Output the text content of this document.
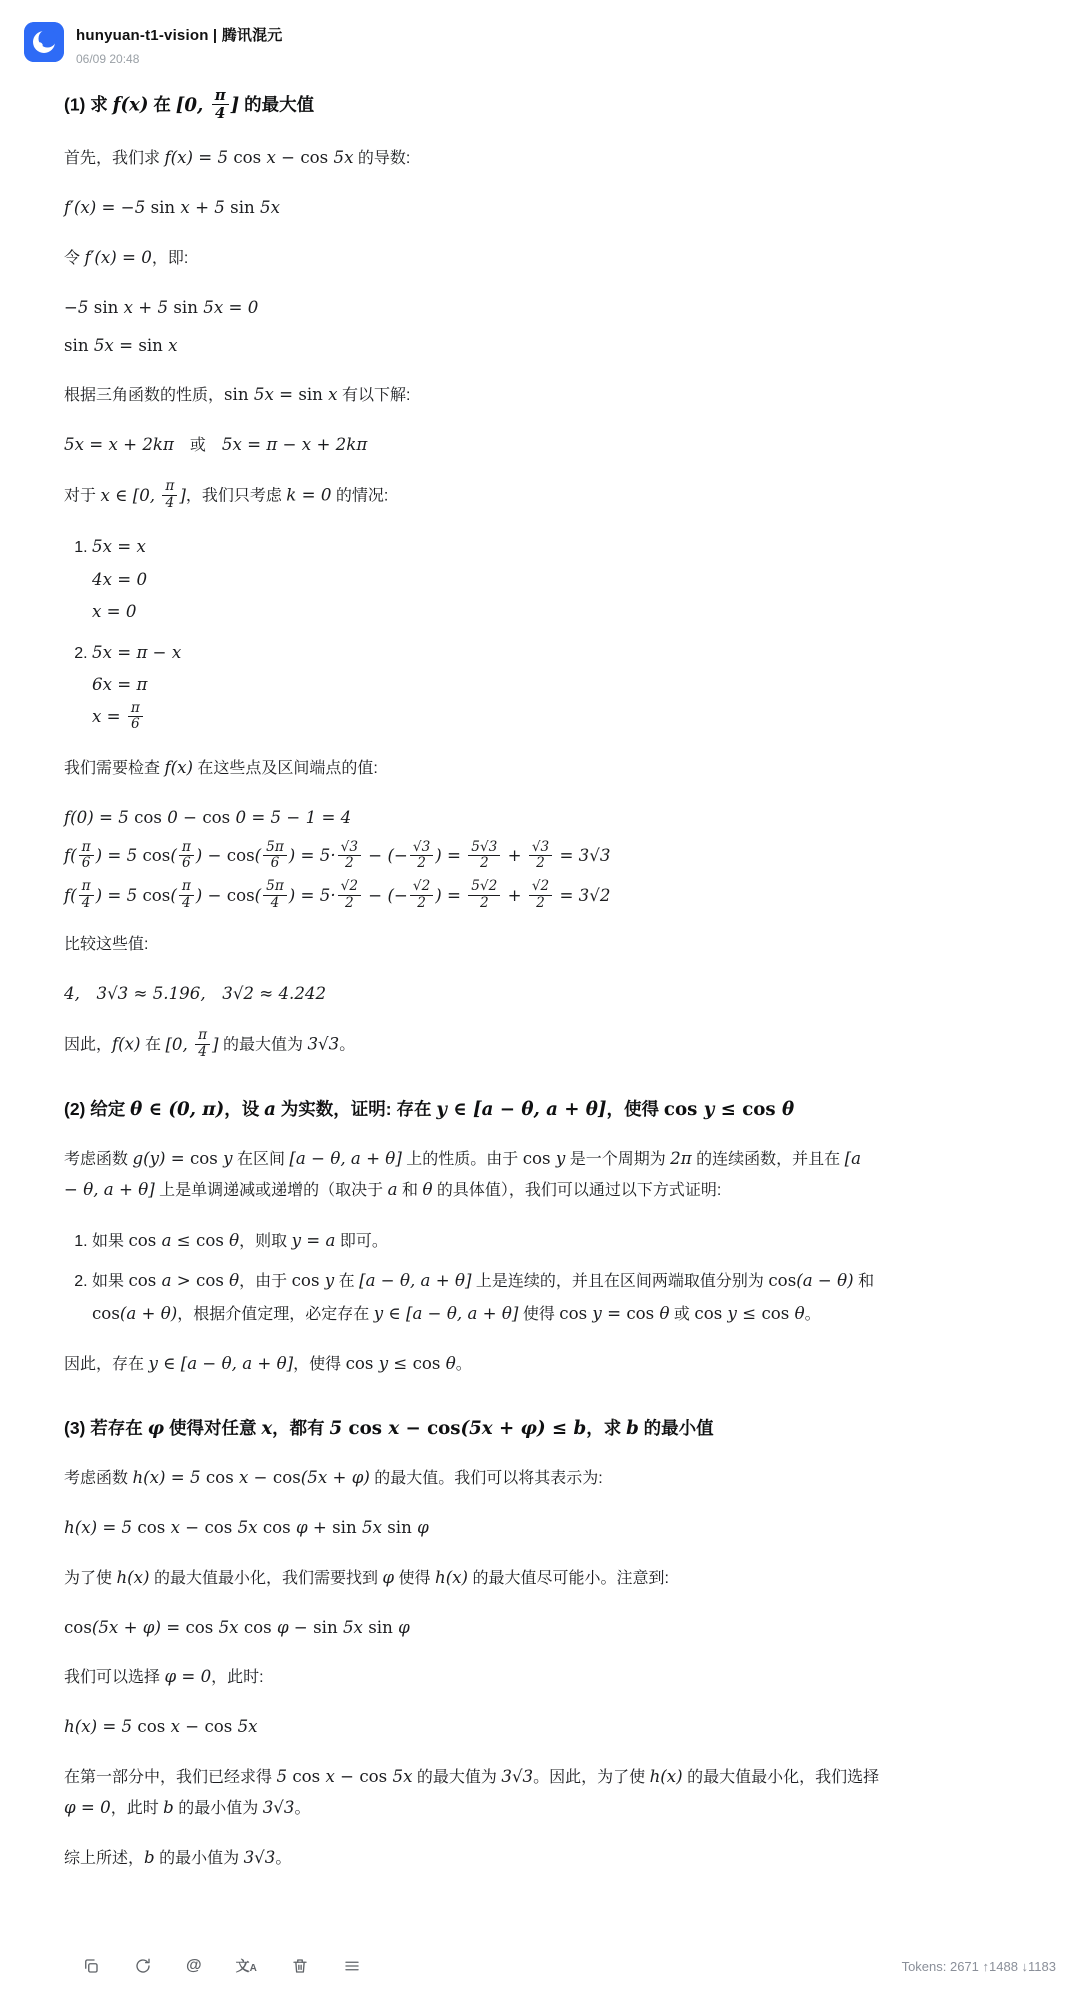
hunyuan-t1-vision | 腾讯混元
06/09 20:48
(1) 求 f(x) 在 [0, $\frac{\pi}{4}$ ] 的最大值

首先，我们求 f(x) = 5 cos x − cos 5x 的导数:

f′(x) = −5 sin x + 5 sin 5x

令 f′(x) = 0，即:

−5 sin x + 5 sin 5x = 0
sin 5x = sin x

根据三角函数的性质，sin 5x = sin x 有以下解:

5x = x + 2kπ　或　5x = π − x + 2kπ

对于 x ∈ [0, $\frac{\pi}{4}$ ]，我们只考虑 k = 0 的情况:

1. 5x = x
4x = 0
x = 0
2. 5x = π − x
6x = π
$x = \frac{\pi}{6}$

我们需要检查 f(x) 在这些点及区间端点的值:

f(0) = 5 cos 0 − cos 0 = 5 − 1 = 4
$f( \frac{\pi}{6}$ ) = 5 $\cos( \frac{\pi}{6}$ ) − $\cos( \frac{5\pi}{6}$ ) = $5\cdot \frac{√3}{2}$ − (− $\frac{√3}{2}$ ) = $\frac{5√3}{2} + \frac{√3}{2} = 3√3$
$f( \frac{\pi}{4}$ ) = 5 $\cos( \frac{\pi}{4}$ ) − $\cos( \frac{5\pi}{4}$ ) = $5\cdot \frac{√2}{2}$ − (− $\frac{√2}{2}$ ) = $\frac{5√2}{2} + \frac{√2}{2} = 3√2$

比较这些值:

4,　3√3 ≈ 5.196,　3√2 ≈ 4.242

因此，f(x) 在 [0, $\frac{\pi}{4}$ ] 的最大值为 3√3。

(2) 给定 θ ∈ (0, π)，设 a 为实数，证明: 存在 y ∈ [a − θ, a + θ]，使得 cos y ≤ cos θ

考虑函数 g(y) = cos y 在区间 [a − θ, a + θ] 上的性质。由于 cos y 是一个周期为 2π 的连续函数，并且在 [a − θ, a + θ] 上是单调递减或递增的（取决于 a 和 θ 的具体值），我们可以通过以下方式证明:

1. 如果 cos a ≤ cos θ，则取 y = a 即可。
2. 如果 cos a > cos θ，由于 cos y 在 [a − θ, a + θ] 上是连续的，并且在区间两端取值分别为 cos(a − θ) 和 cos(a + θ)，根据介值定理，必定存在 y ∈ [a − θ, a + θ] 使得 cos y = cos θ 或 cos y ≤ cos θ。

因此，存在 y ∈ [a − θ, a + θ]，使得 cos y ≤ cos θ。

(3) 若存在 φ 使得对任意 x，都有 5 cos x − cos(5x + φ) ≤ b，求 b 的最小值

考虑函数 h(x) = 5 cos x − cos(5x + φ) 的最大值。我们可以将其表示为:

h(x) = 5 cos x − cos 5x cos φ + sin 5x sin φ

为了使 h(x) 的最大值最小化，我们需要找到 φ 使得 h(x) 的最大值尽可能小。注意到:

cos(5x + φ) = cos 5x cos φ − sin 5x sin φ

我们可以选择 φ = 0，此时:

h(x) = 5 cos x − cos 5x

在第一部分中，我们已经求得 5 cos x − cos 5x 的最大值为 3√3。因此，为了使 h(x) 的最大值最小化，我们选择 φ = 0，此时 b 的最小值为 3√3。

综上所述，b 的最小值为 3√3。

@ 文A	Tokens: 2671 ↑1488 ↓1183
